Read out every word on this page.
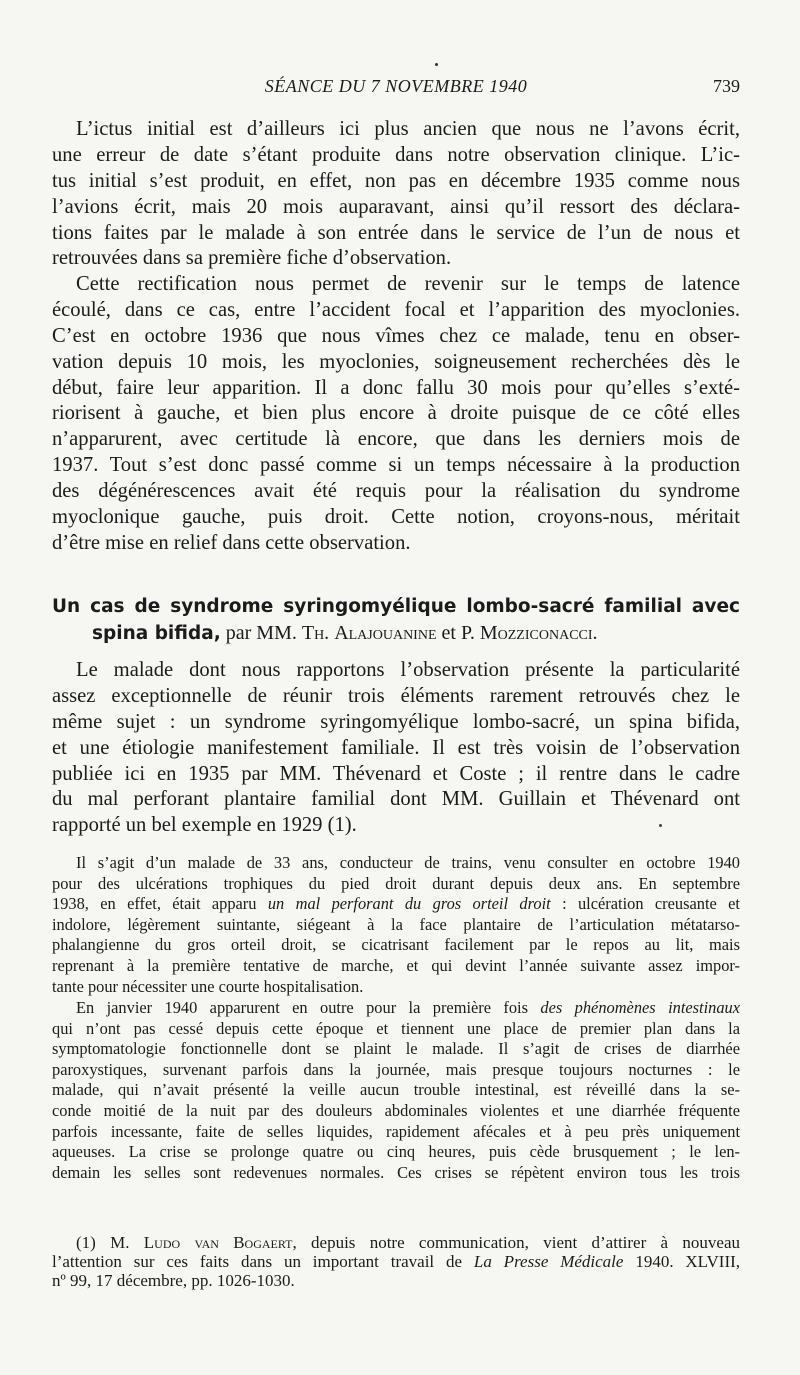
SÉANCE DU 7 NOVEMBRE 1940	739
L’ictus initial est d’ailleurs ici plus ancien que nous ne l’avons écrit,
une erreur de date s’étant produite dans notre observation clinique. L’ic-
tus initial s’est produit, en effet, non pas en décembre 1935 comme nous
l’avions écrit, mais 20 mois auparavant, ainsi qu’il ressort des déclara-
tions faites par le malade à son entrée dans le service de l’un de nous et
retrouvées dans sa première fiche d’observation.
Cette rectification nous permet de revenir sur le temps de latence
écoulé, dans ce cas, entre l’accident focal et l’apparition des myoclonies.
C’est en octobre 1936 que nous vîmes chez ce malade, tenu en obser-
vation depuis 10 mois, les myoclonies, soigneusement recherchées dès le
début, faire leur apparition. Il a donc fallu 30 mois pour qu’elles s’exté-
riorisent à gauche, et bien plus encore à droite puisque de ce côté elles
n’apparurent, avec certitude là encore, que dans les derniers mois de
1937. Tout s’est donc passé comme si un temps nécessaire à la production
des dégénérescences avait été requis pour la réalisation du syndrome
myoclonique gauche, puis droit. Cette notion, croyons-nous, méritait
d’être mise en relief dans cette observation.
Un cas de syndrome syringomyélique lombo-sacré familial avec
spina bifida, par MM. Th. Alajouanine et P. Mozziconacci.
Le malade dont nous rapportons l’observation présente la particularité
assez exceptionnelle de réunir trois éléments rarement retrouvés chez le
même sujet : un syndrome syringomyélique lombo-sacré, un spina bifida,
et une étiologie manifestement familiale. Il est très voisin de l’observation
publiée ici en 1935 par MM. Thévenard et Coste ; il rentre dans le cadre
du mal perforant plantaire familial dont MM. Guillain et Thévenard ont
rapporté un bel exemple en 1929 (1).
Il s’agit d’un malade de 33 ans, conducteur de trains, venu consulter en octobre 1940
pour des ulcérations trophiques du pied droit durant depuis deux ans. En septembre
1938, en effet, était apparu un mal perforant du gros orteil droit : ulcération creusante et
indolore, légèrement suintante, siégeant à la face plantaire de l’articulation métatarso-
phalangienne du gros orteil droit, se cicatrisant facilement par le repos au lit, mais
reprenant à la première tentative de marche, et qui devint l’année suivante assez impor-
tante pour nécessiter une courte hospitalisation.
En janvier 1940 apparurent en outre pour la première fois des phénomènes intestinaux
qui n’ont pas cessé depuis cette époque et tiennent une place de premier plan dans la
symptomatologie fonctionnelle dont se plaint le malade. Il s’agit de crises de diarrhée
paroxystiques, survenant parfois dans la journée, mais presque toujours nocturnes : le
malade, qui n’avait présenté la veille aucun trouble intestinal, est réveillé dans la se-
conde moitié de la nuit par des douleurs abdominales violentes et une diarrhée fréquente
parfois incessante, faite de selles liquides, rapidement afécales et à peu près uniquement
aqueuses. La crise se prolonge quatre ou cinq heures, puis cède brusquement ; le len-
demain les selles sont redevenues normales. Ces crises se répètent environ tous les trois
(1) M. Ludo van Bogaert, depuis notre communication, vient d’attirer à nouveau
l’attention sur ces faits dans un important travail de La Presse Médicale 1940. XLVIII,
nº 99, 17 décembre, pp. 1026-1030.
